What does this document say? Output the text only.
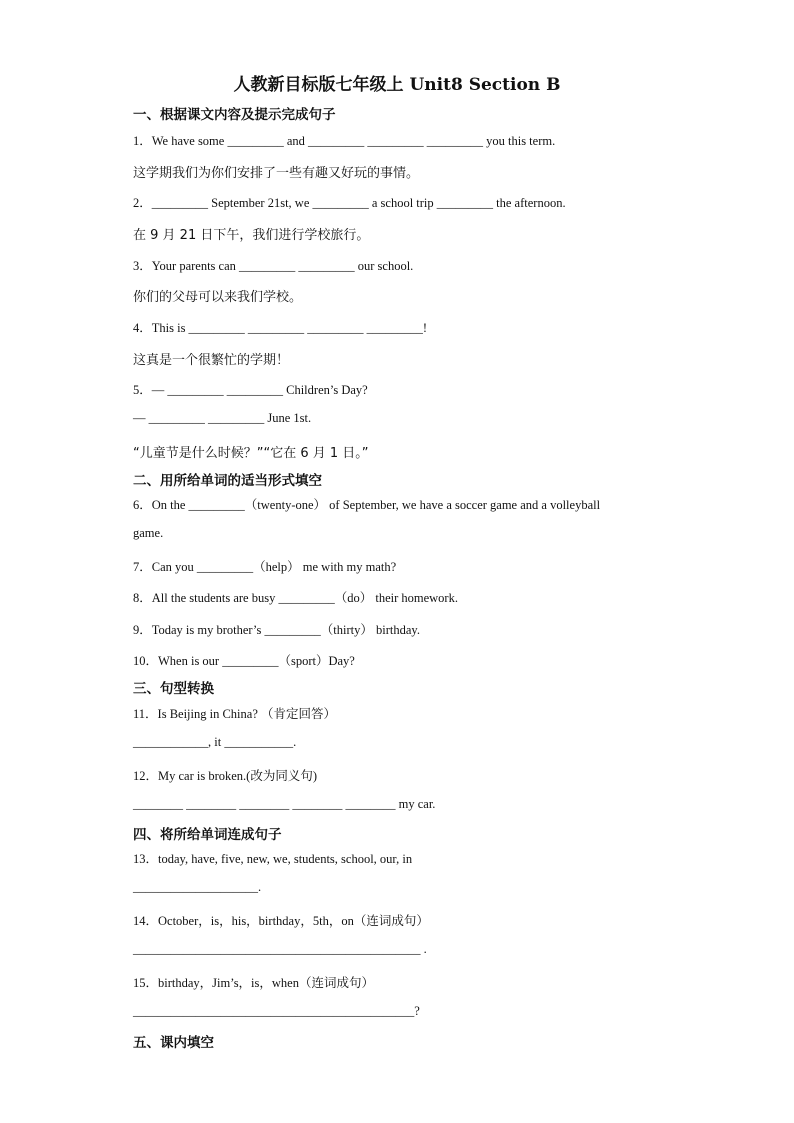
人教新目标版七年级上 Unit8 Section B
一、根据课文内容及提示完成句子
1．We have some _________ and _________ _________ _________ you this term.
这学期我们为你们安排了一些有趣又好玩的事情。
2．_________ September 21st, we _________ a school trip _________ the afternoon.
在 9 月 21 日下午，我们进行学校旅行。
3．Your parents can _________ _________ our school.
你们的父母可以来我们学校。
4．This is _________ _________ _________ _________!
这真是一个很繁忙的学期！
5．— _________ _________ Children’s Day?
— _________ _________ June 1st.
“儿童节是什么时候？”“它在 6 月 1 日。”
二、用所给单词的适当形式填空
6．On the _________（twenty-one） of September, we have a soccer game and a volleyball
game.
7．Can you _________（help） me with my math?
8．All the students are busy _________（do） their homework.
9．Today is my brother’s _________（thirty） birthday.
10．When is our _________（sport）Day?
三、句型转换
11．Is Beijing in China? （肯定回答）
____________, it ___________.
12．My car is broken.(改为同义句)
________ ________ ________ ________ ________ my car.
四、将所给单词连成句子
13．today, have, five, new, we, students, school, our, in
____________________.
14．October，is，his，birthday，5th，on（连词成句）
______________________________________________ .
15．birthday，Jim’s，is，when（连词成句）
_____________________________________________?
五、课内填空
